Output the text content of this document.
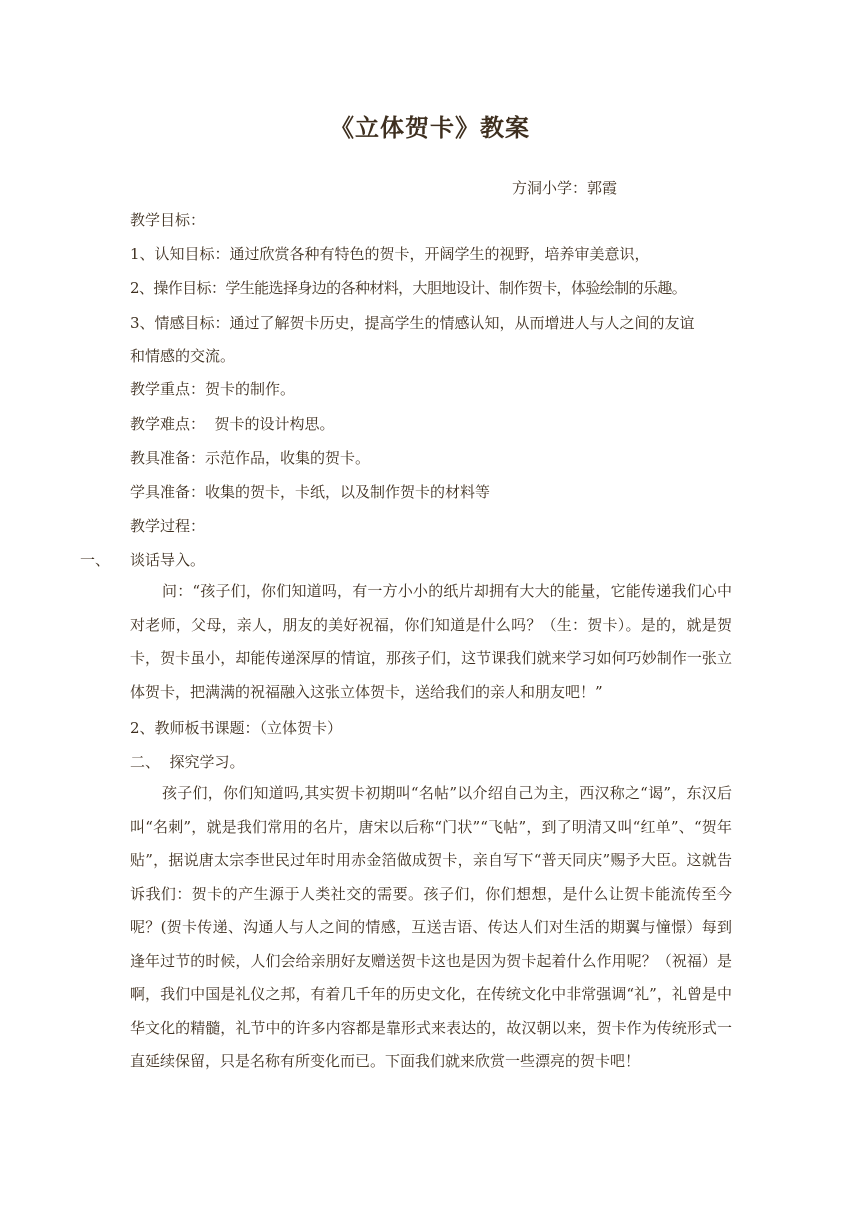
《立体贺卡》教案
方洞小学：郭霞
教学目标：
1、认知目标：通过欣赏各种有特色的贺卡，开阔学生的视野，培养审美意识，
2、操作目标：学生能选择身边的各种材料，大胆地设计、制作贺卡，体验绘制的乐趣。
3、情感目标：通过了解贺卡历史，提高学生的情感认知，从而增进人与人之间的友谊
和情感的交流。
教学重点：贺卡的制作。
教学难点：  贺卡的设计构思。
教具准备：示范作品，收集的贺卡。
学具准备：收集的贺卡，卡纸，以及制作贺卡的材料等
教学过程：
一、 谈话导入。
问：“孩子们，你们知道吗，有一方小小的纸片却拥有大大的能量，它能传递我们心中对老师，父母，亲人，朋友的美好祝福，你们知道是什么吗？（生：贺卡）。是的，就是贺卡，贺卡虽小，却能传递深厚的情谊，那孩子们，这节课我们就来学习如何巧妙制作一张立体贺卡，把满满的祝福融入这张立体贺卡，送给我们的亲人和朋友吧！”
2、教师板书课题：（立体贺卡）
二、  探究学习。
孩子们，你们知道吗,其实贺卡初期叫“名帖”以介绍自己为主，西汉称之“谒”，东汉后叫“名刺”，就是我们常用的名片，唐宋以后称“门状”“飞帖”，到了明清又叫“红单”、“贺年贴”，据说唐太宗李世民过年时用赤金箔做成贺卡，亲自写下“普天同庆”赐予大臣。这就告诉我们：贺卡的产生源于人类社交的需要。孩子们，你们想想，是什么让贺卡能流传至今呢？(贺卡传递、沟通人与人之间的情感，互送吉语、传达人们对生活的期翼与憧憬）每到逢年过节的时候，人们会给亲朋好友赠送贺卡这也是因为贺卡起着什么作用呢？（祝福）是啊，我们中国是礼仪之邦，有着几千年的历史文化，在传统文化中非常强调“礼”，礼曾是中华文化的精髓，礼节中的许多内容都是靠形式来表达的，故汉朝以来，贺卡作为传统形式一直延续保留，只是名称有所变化而已。下面我们就来欣赏一些漂亮的贺卡吧！
